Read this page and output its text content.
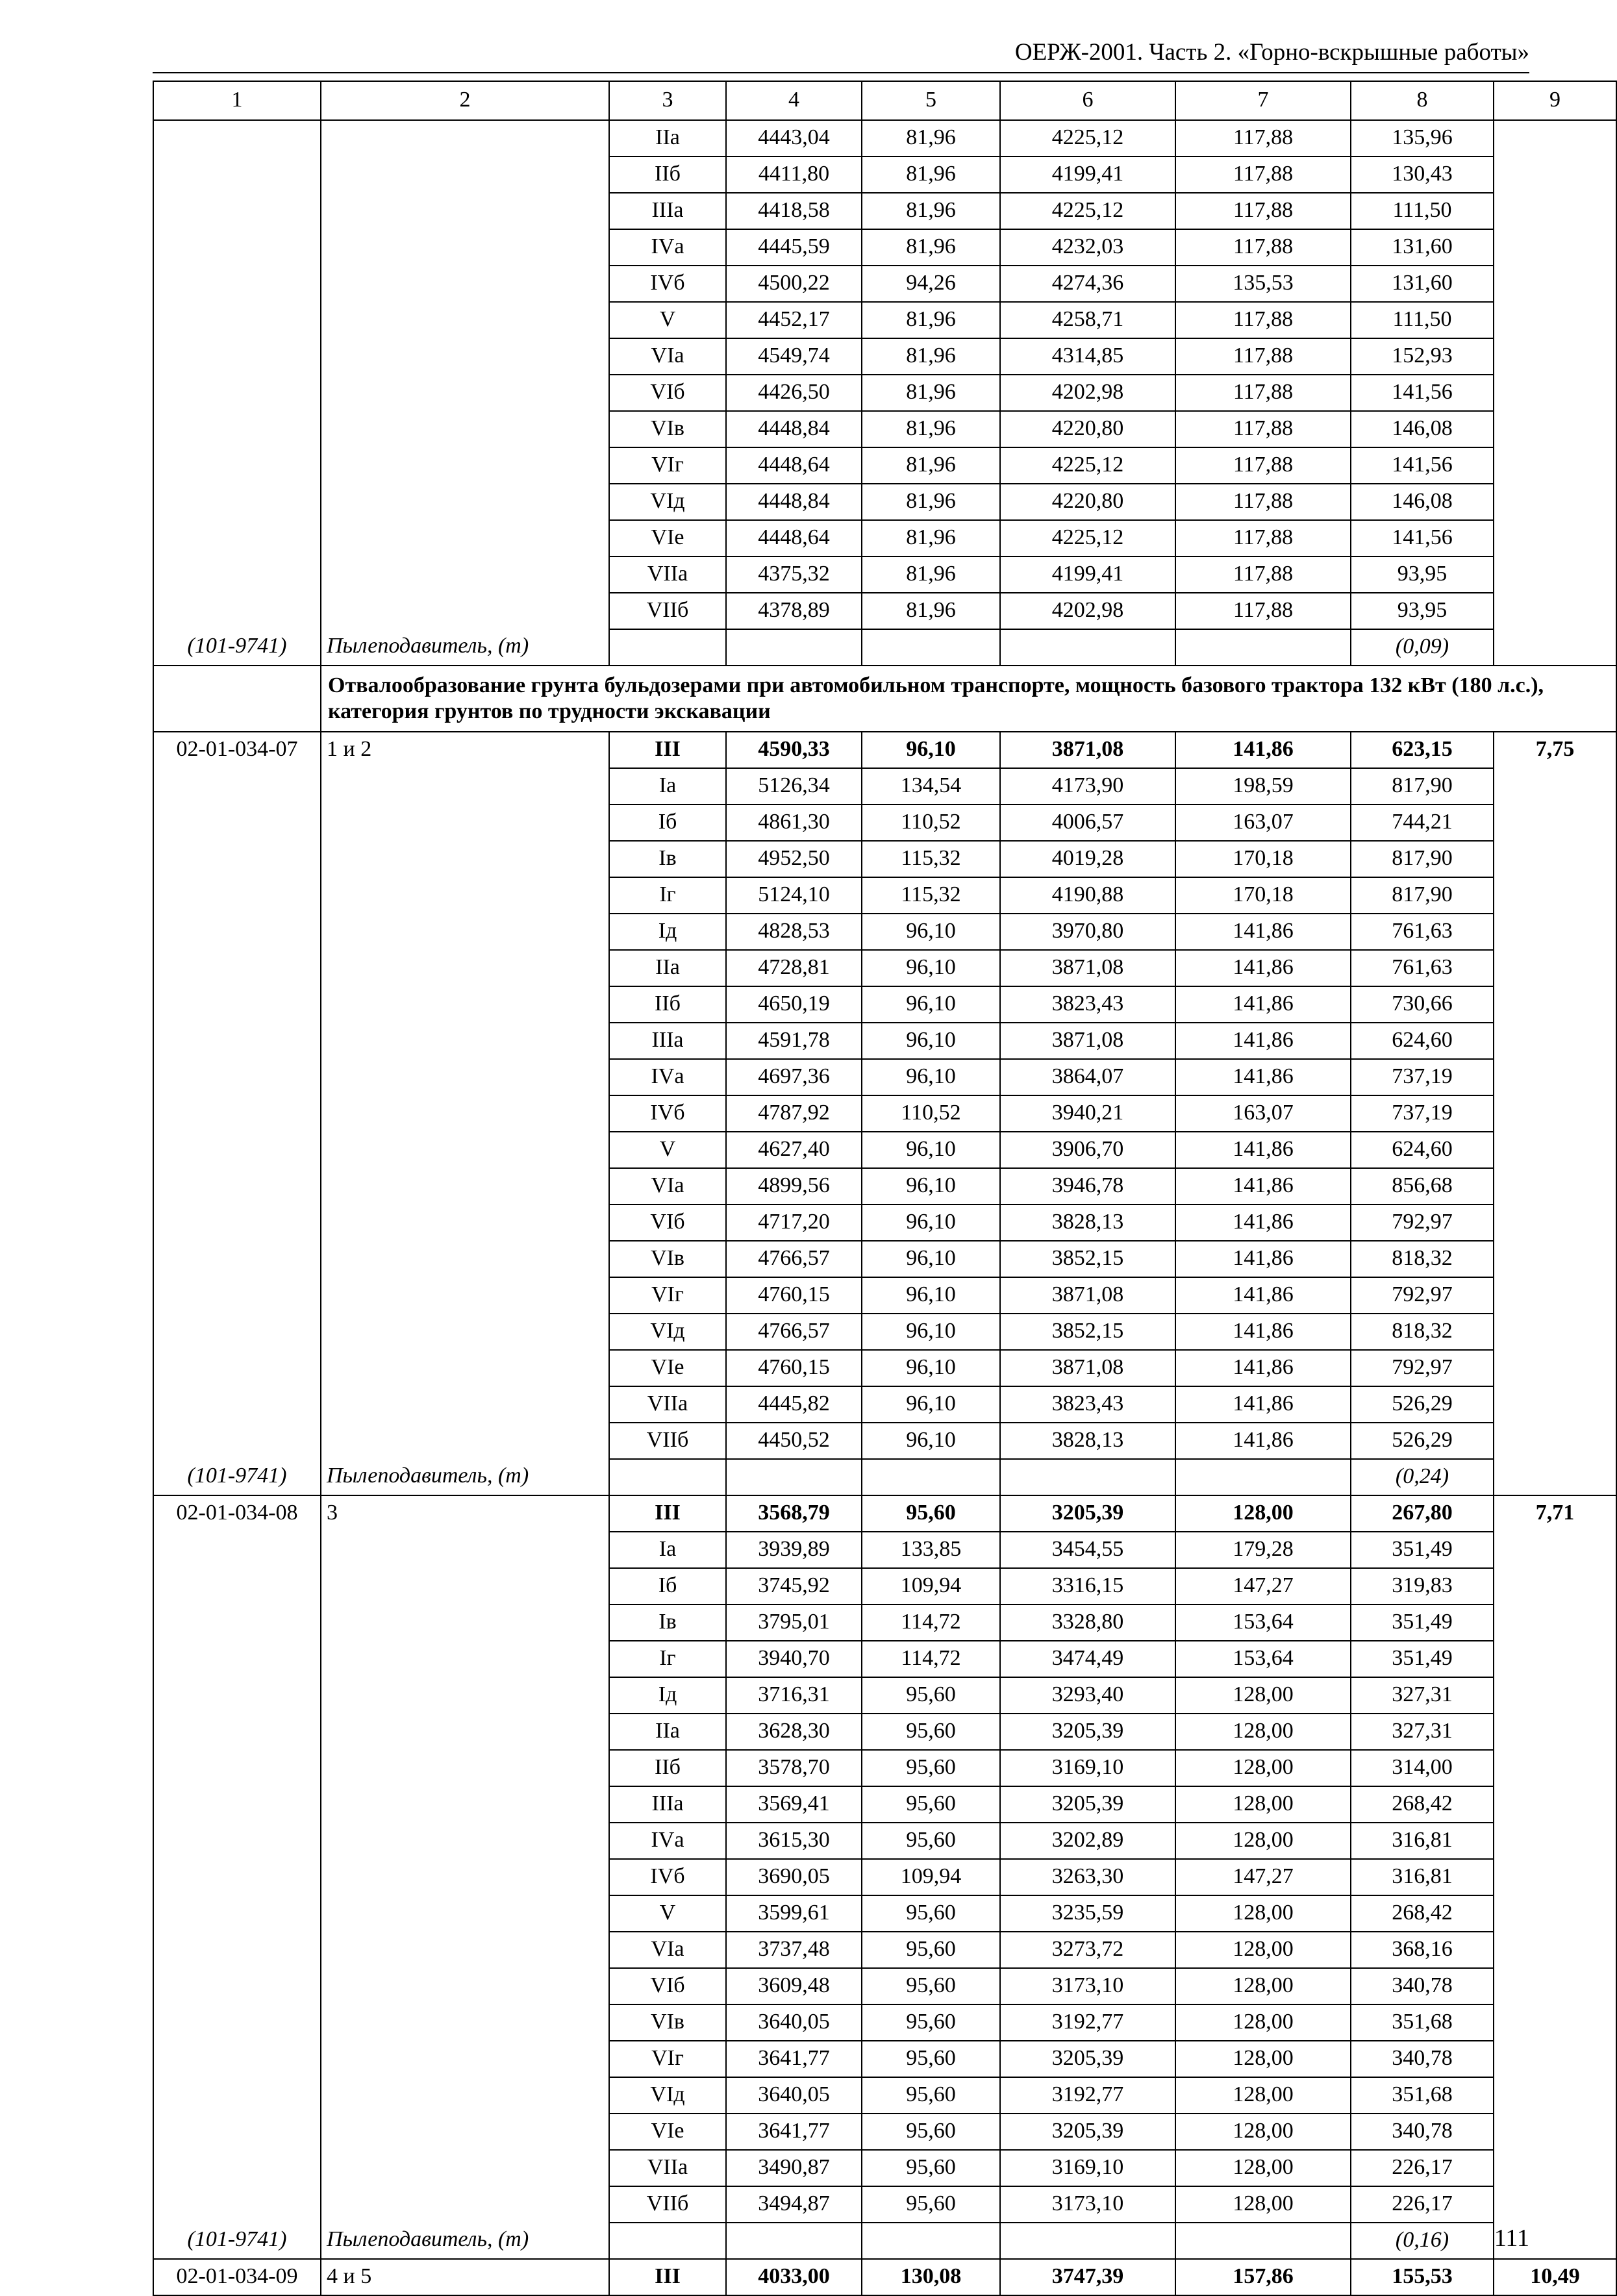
ОЕРЖ-2001. Часть 2. «Горно-вскрышные работы»
1	2	3	4	5	6	7	8	9
		IIа	4443,04	81,96	4225,12	117,88	135,96	
		IIб	4411,80	81,96	4199,41	117,88	130,43	
		IIIа	4418,58	81,96	4225,12	117,88	111,50	
		IVа	4445,59	81,96	4232,03	117,88	131,60	
		IVб	4500,22	94,26	4274,36	135,53	131,60	
		V	4452,17	81,96	4258,71	117,88	111,50	
		VIа	4549,74	81,96	4314,85	117,88	152,93	
		VIб	4426,50	81,96	4202,98	117,88	141,56	
		VIв	4448,84	81,96	4220,80	117,88	146,08	
		VIг	4448,64	81,96	4225,12	117,88	141,56	
		VIд	4448,84	81,96	4220,80	117,88	146,08	
		VIе	4448,64	81,96	4225,12	117,88	141,56	
		VIIа	4375,32	81,96	4199,41	117,88	93,95	
		VIIб	4378,89	81,96	4202,98	117,88	93,95	
(101-9741)	Пылеподавитель, (т)						(0,09)	
	Отвалообразование грунта бульдозерами при автомобильном транспорте, мощность базового трактора 132 кВт (180 л.с.), категория грунтов по трудности экскавации							
02-01-034-07	1 и 2	III	4590,33	96,10	3871,08	141,86	623,15	7,75
		Iа	5126,34	134,54	4173,90	198,59	817,90	
		Iб	4861,30	110,52	4006,57	163,07	744,21	
		Iв	4952,50	115,32	4019,28	170,18	817,90	
		Iг	5124,10	115,32	4190,88	170,18	817,90	
		Iд	4828,53	96,10	3970,80	141,86	761,63	
		IIа	4728,81	96,10	3871,08	141,86	761,63	
		IIб	4650,19	96,10	3823,43	141,86	730,66	
		IIIа	4591,78	96,10	3871,08	141,86	624,60	
		IVа	4697,36	96,10	3864,07	141,86	737,19	
		IVб	4787,92	110,52	3940,21	163,07	737,19	
		V	4627,40	96,10	3906,70	141,86	624,60	
		VIа	4899,56	96,10	3946,78	141,86	856,68	
		VIб	4717,20	96,10	3828,13	141,86	792,97	
		VIв	4766,57	96,10	3852,15	141,86	818,32	
		VIг	4760,15	96,10	3871,08	141,86	792,97	
		VIд	4766,57	96,10	3852,15	141,86	818,32	
		VIе	4760,15	96,10	3871,08	141,86	792,97	
		VIIа	4445,82	96,10	3823,43	141,86	526,29	
		VIIб	4450,52	96,10	3828,13	141,86	526,29	
(101-9741)	Пылеподавитель, (т)						(0,24)	
02-01-034-08	3	III	3568,79	95,60	3205,39	128,00	267,80	7,71
		Iа	3939,89	133,85	3454,55	179,28	351,49	
		Iб	3745,92	109,94	3316,15	147,27	319,83	
		Iв	3795,01	114,72	3328,80	153,64	351,49	
		Iг	3940,70	114,72	3474,49	153,64	351,49	
		Iд	3716,31	95,60	3293,40	128,00	327,31	
		IIа	3628,30	95,60	3205,39	128,00	327,31	
		IIб	3578,70	95,60	3169,10	128,00	314,00	
		IIIа	3569,41	95,60	3205,39	128,00	268,42	
		IVа	3615,30	95,60	3202,89	128,00	316,81	
		IVб	3690,05	109,94	3263,30	147,27	316,81	
		V	3599,61	95,60	3235,59	128,00	268,42	
		VIа	3737,48	95,60	3273,72	128,00	368,16	
		VIб	3609,48	95,60	3173,10	128,00	340,78	
		VIв	3640,05	95,60	3192,77	128,00	351,68	
		VIг	3641,77	95,60	3205,39	128,00	340,78	
		VIд	3640,05	95,60	3192,77	128,00	351,68	
		VIе	3641,77	95,60	3205,39	128,00	340,78	
		VIIа	3490,87	95,60	3169,10	128,00	226,17	
		VIIб	3494,87	95,60	3173,10	128,00	226,17	
(101-9741)	Пылеподавитель, (т)						(0,16)	
02-01-034-09	4 и 5	III	4033,00	130,08	3747,39	157,86	155,53	10,49
111
